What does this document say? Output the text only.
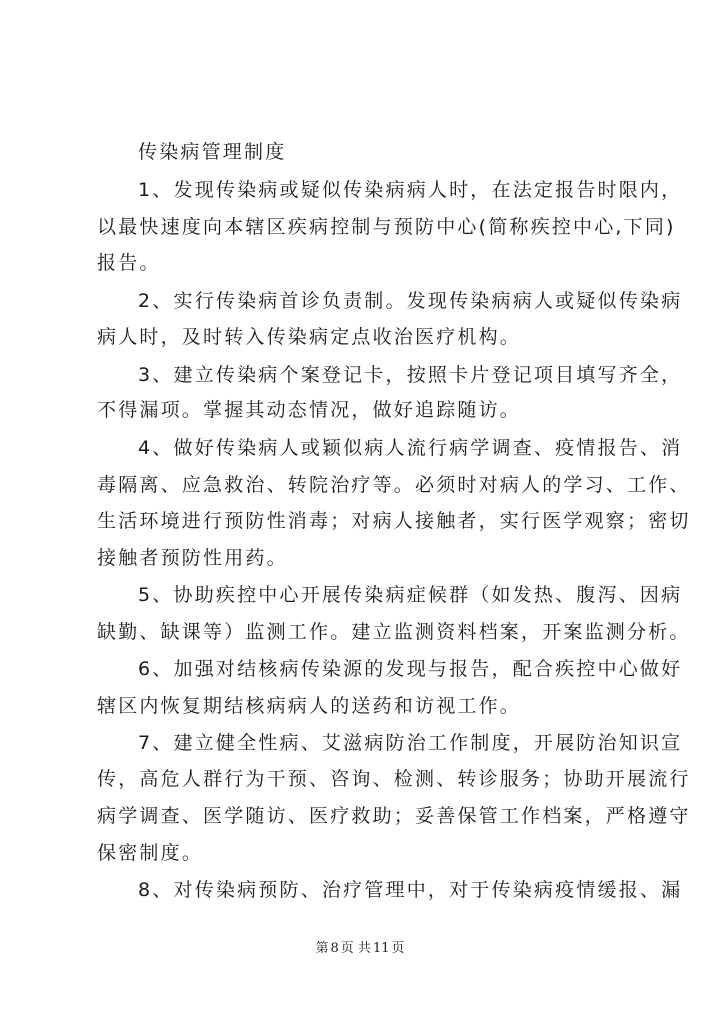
传染病管理制度
1、发现传染病或疑似传染病病人时，在法定报告时限内，
以最快速度向本辖区疾病控制与预防中心(简称疾控中心,下同)
报告。
2、实行传染病首诊负责制。发现传染病病人或疑似传染病
病人时，及时转入传染病定点收治医疗机构。
3、建立传染病个案登记卡，按照卡片登记项目填写齐全，
不得漏项。掌握其动态情况，做好追踪随访。
4、做好传染病人或颖似病人流行病学调查、疫情报告、消
毒隔离、应急救治、转院治疗等。必须时对病人的学习、工作、
生活环境进行预防性消毒；对病人接触者，实行医学观察；密切
接触者预防性用药。
5、协助疾控中心开展传染病症候群（如发热、腹泻、因病
缺勤、缺课等）监测工作。建立监测资料档案，开案监测分析。
6、加强对结核病传染源的发现与报告，配合疾控中心做好
辖区内恢复期结核病病人的送药和访视工作。
7、建立健全性病、艾滋病防治工作制度，开展防治知识宣
传，高危人群行为干预、咨询、检测、转诊服务；协助开展流行
病学调查、医学随访、医疗救助；妥善保管工作档案，严格遵守
保密制度。
8、对传染病预防、治疗管理中，对于传染病疫情缓报、漏
第 8 页 共 11 页
